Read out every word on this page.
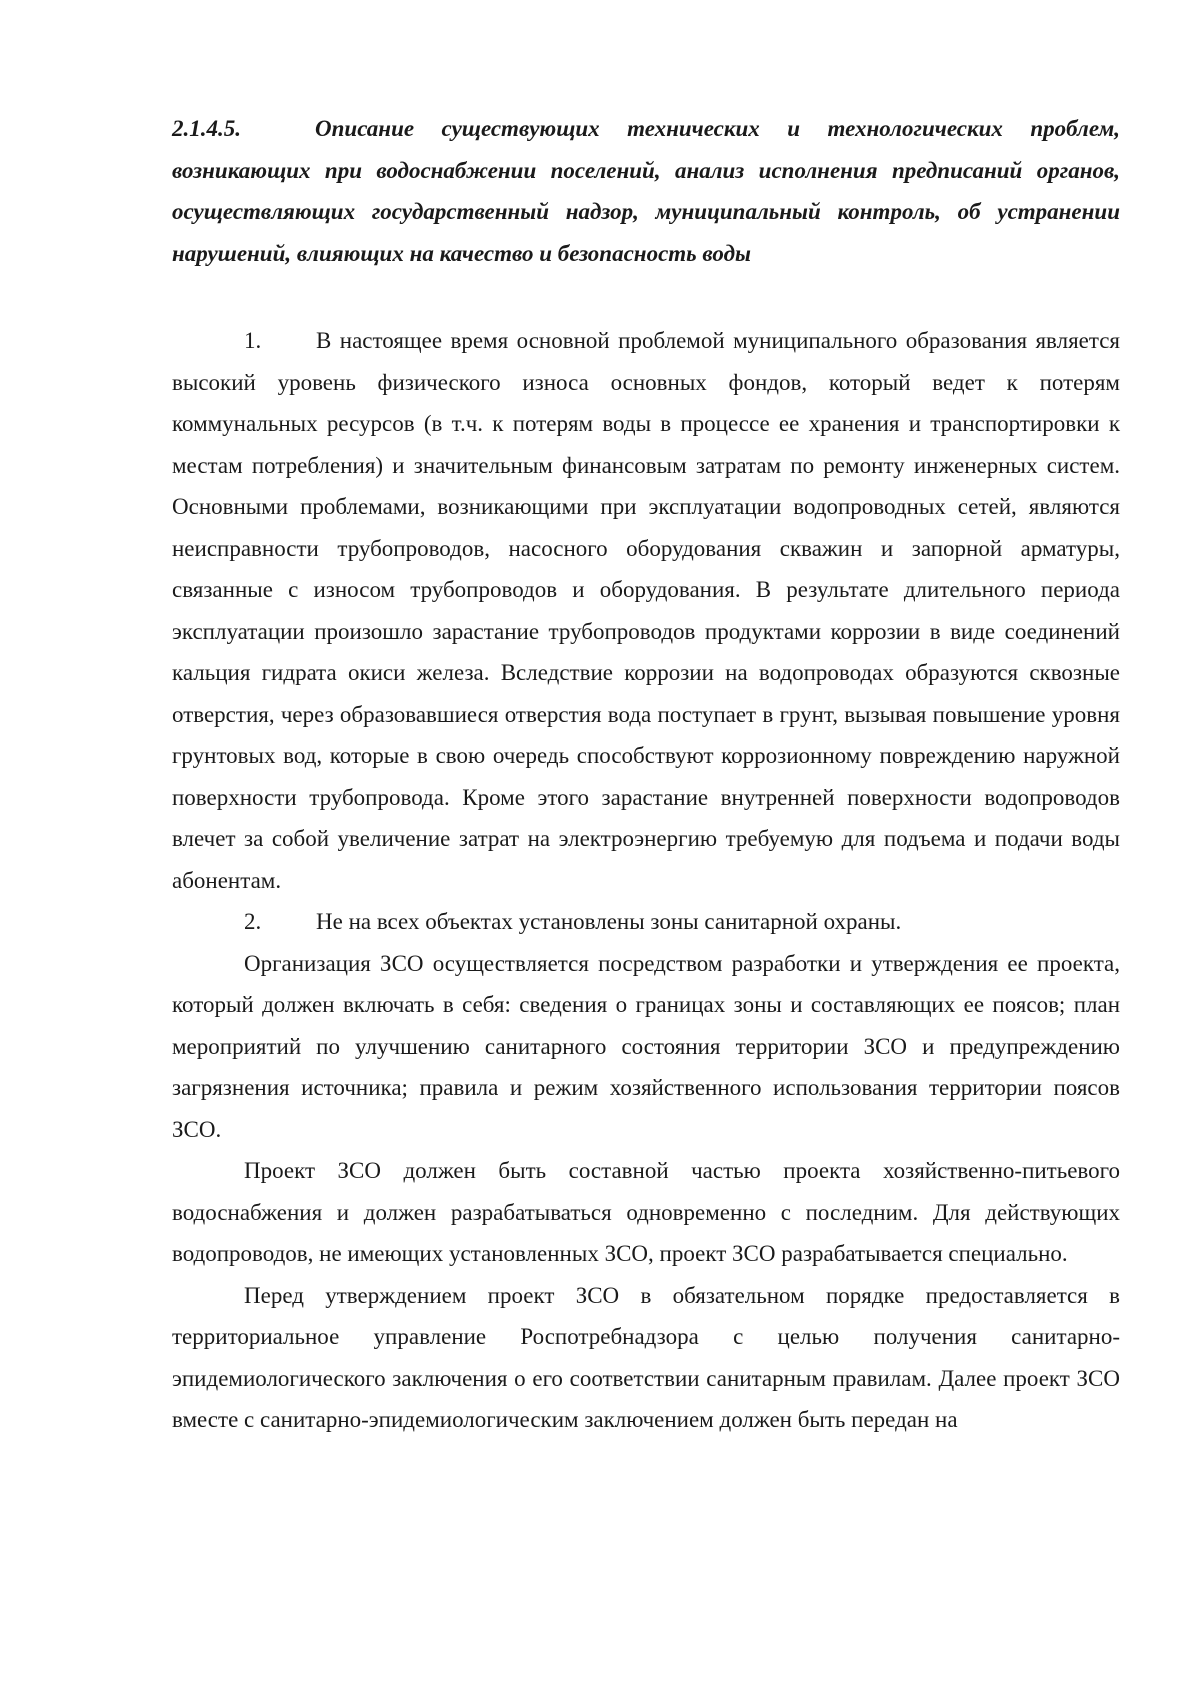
2.1.4.5.	Описание существующих технических и технологических проблем, возникающих при водоснабжении поселений, анализ исполнения предписаний органов, осуществляющих государственный надзор, муниципальный контроль, об устранении нарушений, влияющих на качество и безопасность воды

1. В настоящее время основной проблемой муниципального образования является высокий уровень физического износа основных фондов, который ведет к потерям коммунальных ресурсов (в т.ч. к потерям воды в процессе ее хранения и транспортировки к местам потребления) и значительным финансовым затратам по ремонту инженерных систем. Основными проблемами, возникающими при эксплуатации водопроводных сетей, являются неисправности трубопроводов, насосного оборудования скважин и запорной арматуры, связанные с износом трубопроводов и оборудования. В результате длительного периода эксплуатации произошло зарастание трубопроводов продуктами коррозии в виде соединений кальция гидрата окиси железа. Вследствие коррозии на водопроводах образуются сквозные отверстия, через образовавшиеся отверстия вода поступает в грунт, вызывая повышение уровня грунтовых вод, которые в свою очередь способствуют коррозионному повреждению наружной поверхности трубопровода. Кроме этого зарастание внутренней поверхности водопроводов влечет за собой увеличение затрат на электроэнергию требуемую для подъема и подачи воды абонентам.

2. Не на всех объектах установлены зоны санитарной охраны.

Организация ЗСО осуществляется посредством разработки и утверждения ее проекта, который должен включать в себя: сведения о границах зоны и составляющих ее поясов; план мероприятий по улучшению санитарного состояния территории ЗСО и предупреждению загрязнения источника; правила и режим хозяйственного использования территории поясов ЗСО.

Проект ЗСО должен быть составной частью проекта хозяйственно-питьевого водоснабжения и должен разрабатываться одновременно с последним. Для действующих водопроводов, не имеющих установленных ЗСО, проект ЗСО разрабатывается специально.

Перед утверждением проект ЗСО в обязательном порядке предоставляется в территориальное управление Роспотребнадзора с целью получения санитарно-эпидемиологического заключения о его соответствии санитарным правилам. Далее проект ЗСО вместе с санитарно-эпидемиологическим заключением должен быть передан на
